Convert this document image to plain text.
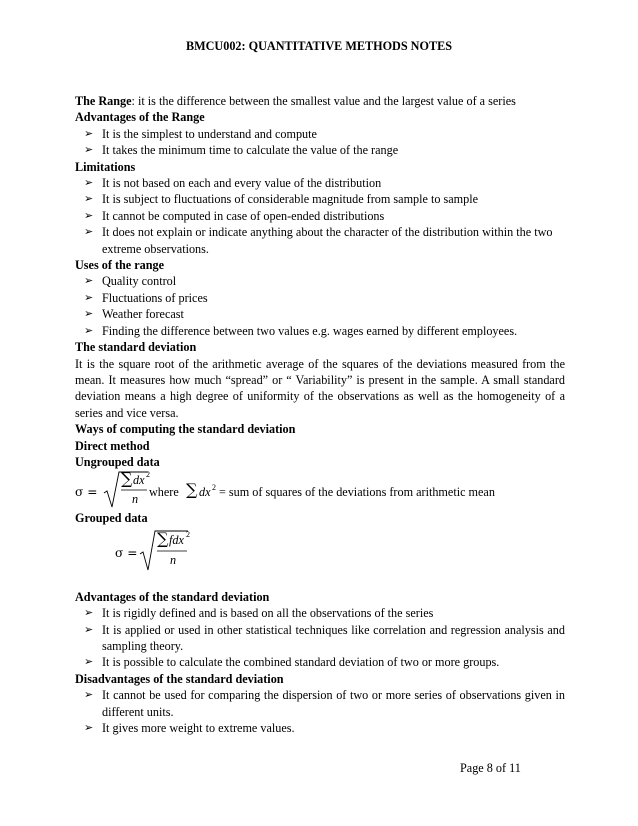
BMCU002: QUANTITATIVE METHODS NOTES

The Range: it is the difference between the smallest value and the largest value of a series

Advantages of the Range

➢ It is the simplest to understand and compute
➢ It takes the minimum time to calculate the value of the range

Limitations

➢ It is not based on each and every value of the distribution
➢ It is subject to fluctuations of considerable magnitude from sample to sample
➢ It cannot be computed in case of open-ended distributions
➢ It does not explain or indicate anything about the character of the distribution within the two extreme observations.

Uses of the range

➢ Quality control
➢ Fluctuations of prices
➢ Weather forecast
➢ Finding the difference between two values e.g. wages earned by different employees.

The standard deviation

It is the square root of the arithmetic average of the squares of the deviations measured from the mean. It measures how much “spread” or “ Variability” is present in the sample. A small standard deviation means a high degree of uniformity of the observations as well as the homogeneity of a series and vice versa.

Ways of computing the standard deviation

Direct method

Ungrouped data

σ =
∑ dx 2
n where ∑ dx 2 = sum of squares of the deviations from arithmetic mean

Grouped data

σ =
∑ fdx 2
n

Advantages of the standard deviation

➢ It is rigidly defined and is based on all the observations of the series
➢ It is applied or used in other statistical techniques like correlation and regression analysis and sampling theory.
➢ It is possible to calculate the combined standard deviation of two or more groups.

Disadvantages of the standard deviation

➢ It cannot be used for comparing the dispersion of two or more series of observations given in different units.
➢ It gives more weight to extreme values.
Page 8 of 11
